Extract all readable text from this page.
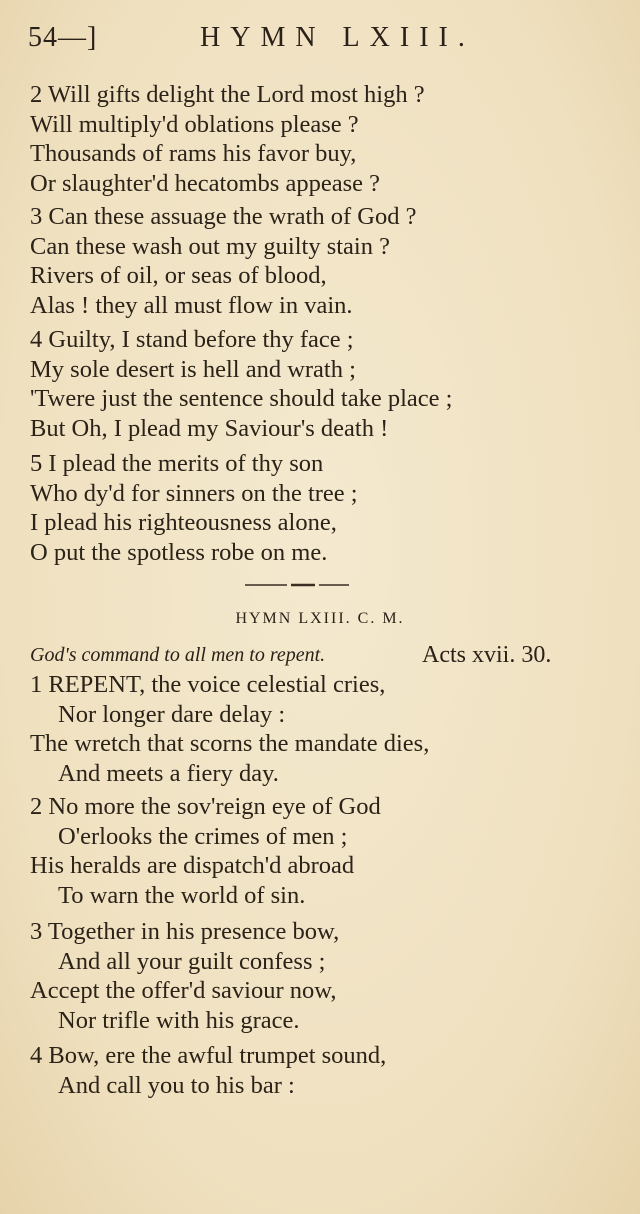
54—]	HYMN LXIII.
2 Will gifts delight the Lord most high ?
Will multiply'd oblations please ?
Thousands of rams his favor buy,
Or slaughter'd hecatombs appease ?
3 Can these assuage the wrath of God ?
Can these wash out my guilty stain ?
Rivers of oil, or seas of blood,
Alas ! they all must flow in vain.
4 Guilty, I stand before thy face ;
My sole desert is hell and wrath ;
'Twere just the sentence should take place ;
But Oh, I plead my Saviour's death !
5 I plead the merits of thy son
Who dy'd for sinners on the tree ;
I plead his righteousness alone,
O put the spotless robe on me.
HYMN LXIII. C. M.
God's command to all men to repent.	Acts xvii. 30.
1 REPENT, the voice celestial cries,
Nor longer dare delay :
The wretch that scorns the mandate dies,
And meets a fiery day.
2 No more the sov'reign eye of God
O'erlooks the crimes of men ;
His heralds are dispatch'd abroad
To warn the world of sin.
3 Together in his presence bow,
And all your guilt confess ;
Accept the offer'd saviour now,
Nor trifle with his grace.
4 Bow, ere the awful trumpet sound,
And call you to his bar :
